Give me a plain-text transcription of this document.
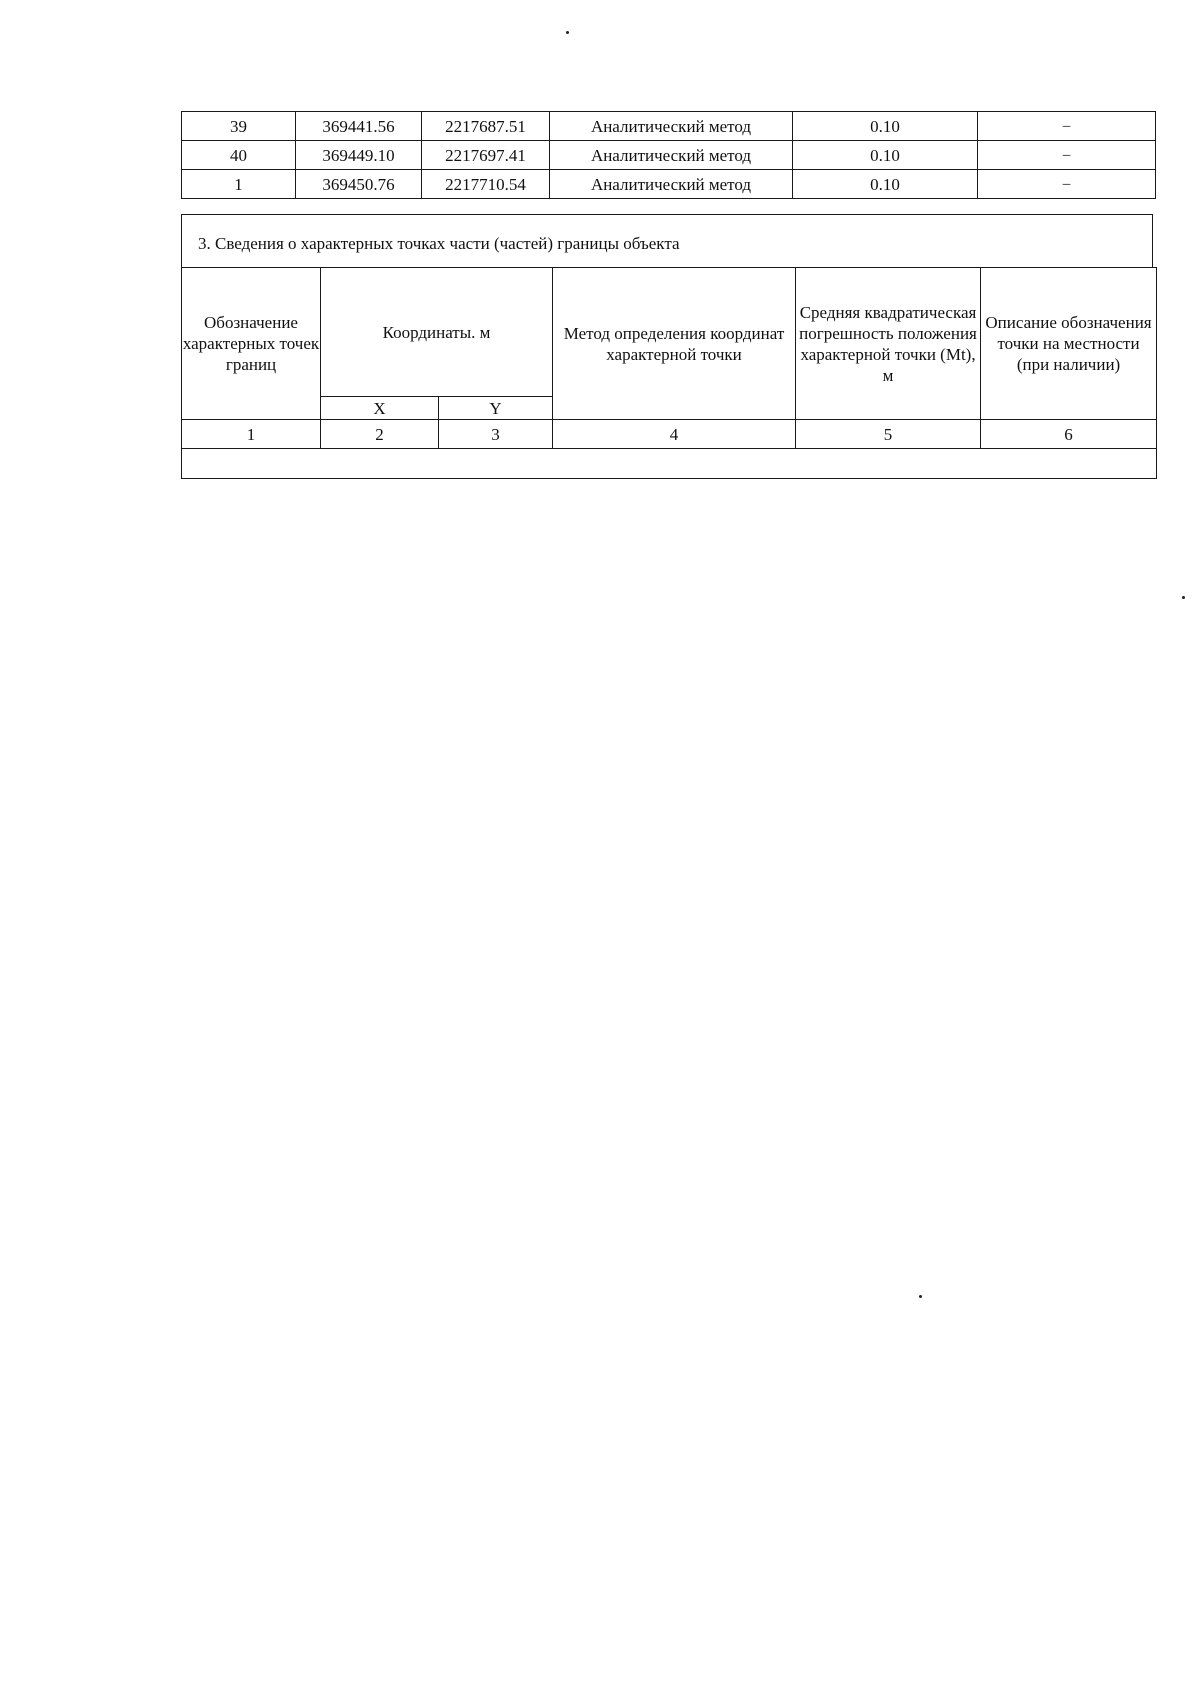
39	369441.56	2217687.51	Аналитический метод	0.10	–
40	369449.10	2217697.41	Аналитический метод	0.10	–
1	369450.76	2217710.54	Аналитический метод	0.10	–
3. Сведения о характерных точках части (частей) границы объекта
Обозначение характерных точек границ	Координаты. м		Метод определения координат характерной точки	Средняя квадратическая погрешность положения характерной точки (Mt), м	Описание обозначения точки на местности (при наличии)
	X	Y			
1	2	3	4	5	6
